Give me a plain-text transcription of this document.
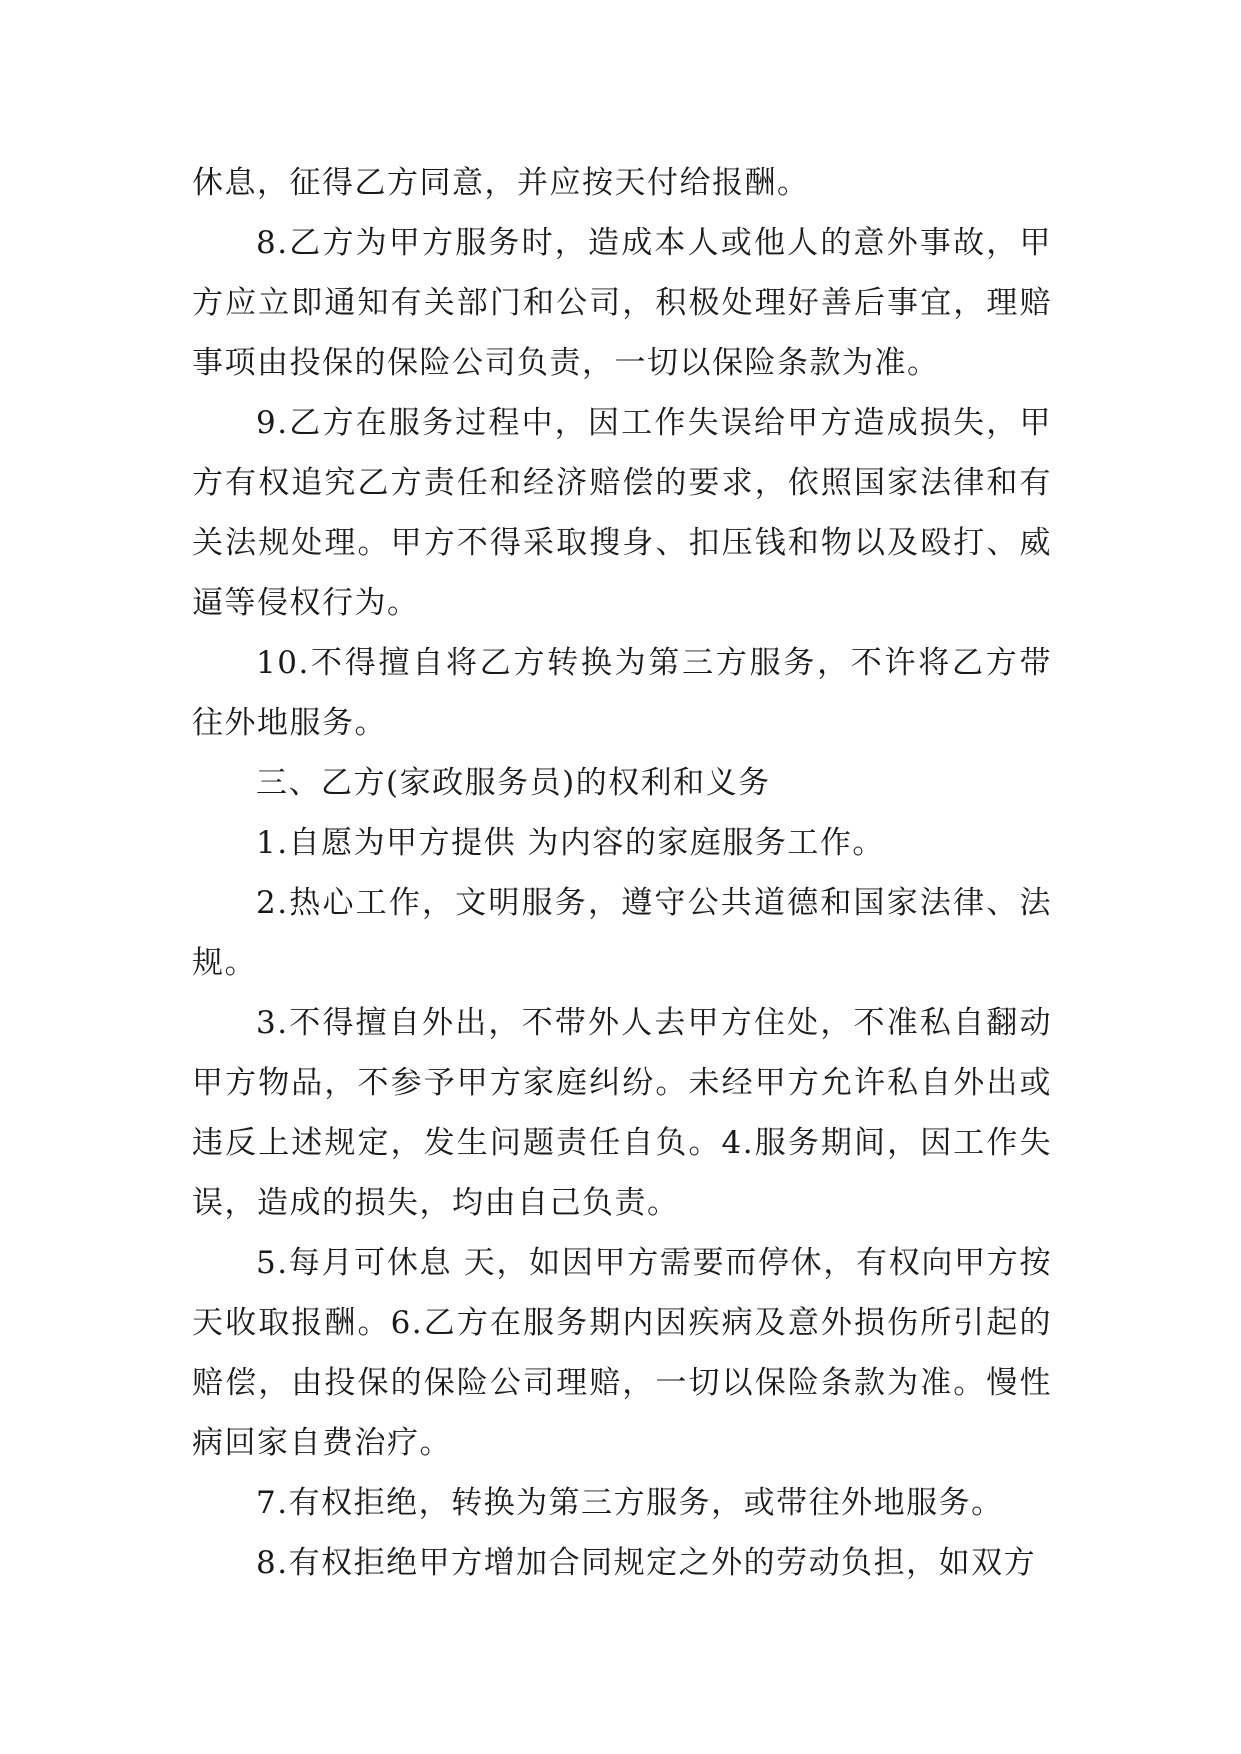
休息，征得乙方同意，并应按天付给报酬。

8.乙方为甲方服务时，造成本人或他人的意外事故，甲方应立即通知有关部门和公司，积极处理好善后事宜，理赔事项由投保的保险公司负责，一切以保险条款为准。

9.乙方在服务过程中，因工作失误给甲方造成损失，甲方有权追究乙方责任和经济赔偿的要求，依照国家法律和有关法规处理。甲方不得采取搜身、扣压钱和物以及殴打、威逼等侵权行为。

10.不得擅自将乙方转换为第三方服务，不许将乙方带往外地服务。

三、乙方(家政服务员)的权利和义务

1.自愿为甲方提供 为内容的家庭服务工作。

2.热心工作，文明服务，遵守公共道德和国家法律、法规。

3.不得擅自外出，不带外人去甲方住处，不准私自翻动甲方物品，不参予甲方家庭纠纷。未经甲方允许私自外出或违反上述规定，发生问题责任自负。4.服务期间，因工作失误，造成的损失，均由自己负责。

5.每月可休息 天，如因甲方需要而停休，有权向甲方按天收取报酬。6.乙方在服务期内因疾病及意外损伤所引起的赔偿，由投保的保险公司理赔，一切以保险条款为准。慢性病回家自费治疗。

7.有权拒绝，转换为第三方服务，或带往外地服务。

8.有权拒绝甲方增加合同规定之外的劳动负担，如双方
